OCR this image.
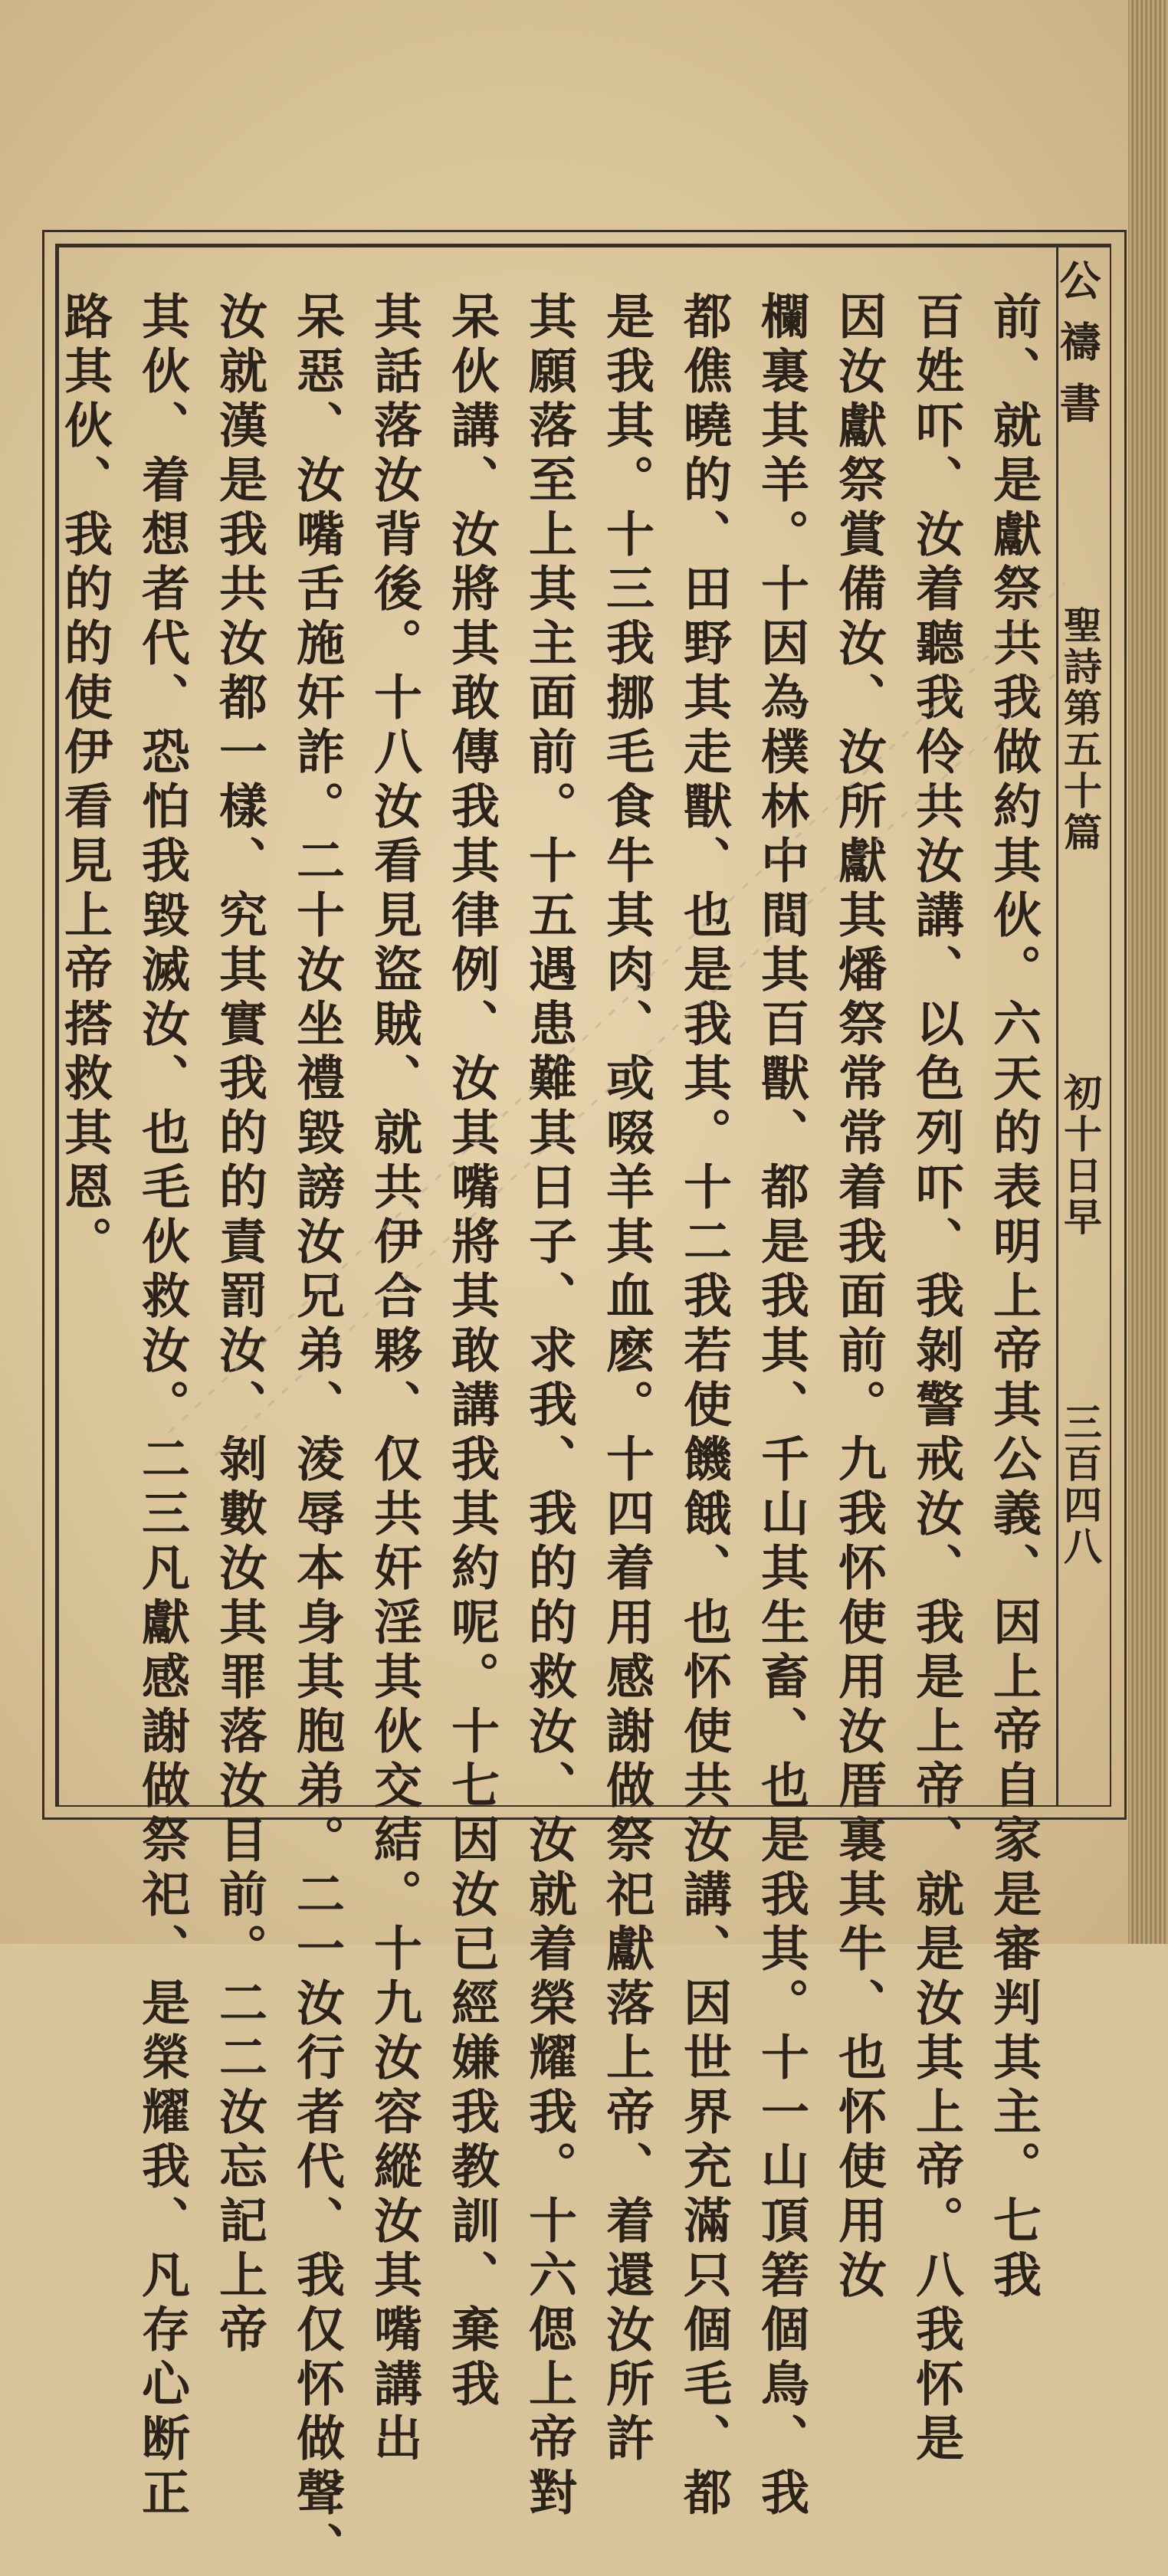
公禱書
聖詩第五十篇
初十日早
三百四八
前、就是獻祭共我做約其伙。六天的表明上帝其公義、因上帝自家是審判其主。七我
百姓吓、汝着聽我伶共汝講、以色列吓、我剝警戒汝、我是上帝、就是汝其上帝。八我怀是
因汝獻祭賞備汝、汝所獻其燔祭常常着我面前。九我怀使用汝厝裏其牛、也怀使用汝
欄裏其羊。十因為樸林中間其百獸、都是我其、千山其生畜、也是我其。十一山頂箬個鳥、我
都僬曉的、田野其走獸、也是我其。十二我若使饑餓、也怀使共汝講、因世界充滿只個毛、都
是我其。十三我挪毛食牛其肉、或啜羊其血麽。十四着用感謝做祭祀獻落上帝、着還汝所許
其願落至上其主面前。十五遇患難其日子、求我、我的的救汝、汝就着榮耀我。十六偲上帝對
呆伙講、汝將其敢傳我其律例、汝其嘴將其敢講我其約呢。十七因汝已經嫌我教訓、棄我
其話落汝背後。十八汝看見盜賊、就共伊合夥、仅共奸淫其伙交結。十九汝容縱汝其嘴講出
呆惡、汝嘴舌施奸詐。二十汝坐禮毀謗汝兄弟、淩辱本身其胞弟。二一汝行者代、我仅怀做聲、
汝就漢是我共汝都一樣、究其實我的的責罰汝、剝數汝其罪落汝目前。二二汝忘記上帝
其伙、着想者代、恐怕我毀滅汝、也毛伙救汝。二三凡獻感謝做祭祀、是榮耀我、凡存心断正
路其伙、我的的使伊看見上帝搭救其恩。
